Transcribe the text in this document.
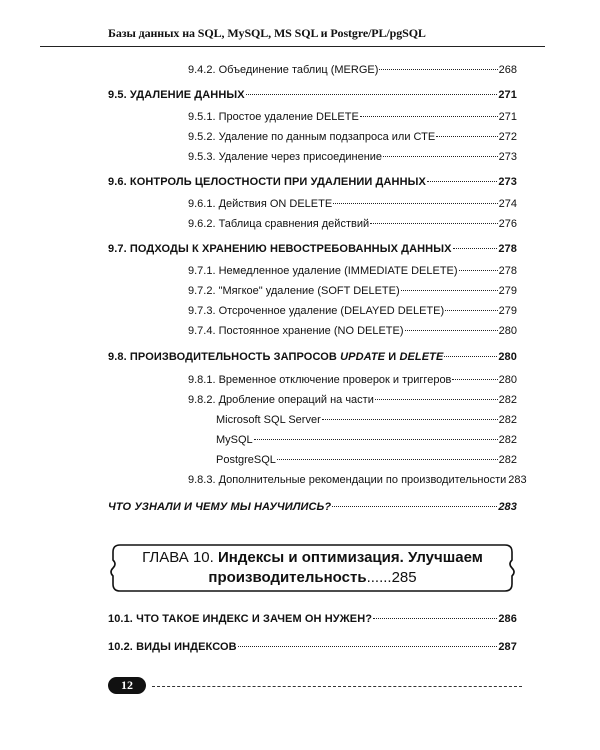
Базы данных на SQL, MySQL, MS SQL и Postgre/PL/pgSQL
9.4.2. Объединение таблиц (MERGE)	268
9.5. УДАЛЕНИЕ ДАННЫХ	271
9.5.1. Простое удаление DELETE	271
9.5.2. Удаление по данным подзапроса или СТЕ	272
9.5.3. Удаление через присоединение	273
9.6. КОНТРОЛЬ ЦЕЛОСТНОСТИ ПРИ УДАЛЕНИИ ДАННЫХ	273
9.6.1. Действия ON DELETE	274
9.6.2. Таблица сравнения действий	276
9.7. ПОДХОДЫ К ХРАНЕНИЮ НЕВОСТРЕБОВАННЫХ ДАННЫХ	278
9.7.1. Немедленное удаление (IMMEDIATE DELETE)	278
9.7.2. "Мягкое" удаление (SOFT DELETE)	279
9.7.3. Отсроченное удаление (DELAYED DELETE)	279
9.7.4. Постоянное хранение (NO DELETE)	280
9.8. ПРОИЗВОДИТЕЛЬНОСТЬ ЗАПРОСОВ UPDATE И DELETE	280
9.8.1. Временное отключение проверок и триггеров	280
9.8.2. Дробление операций на части	282
Microsoft SQL Server	282
MySQL	282
PostgreSQL	282
9.8.3. Дополнительные рекомендации по производительности 283
ЧТО УЗНАЛИ И ЧЕМУ МЫ НАУЧИЛИСЬ?	283
ГЛАВА 10. Индексы и оптимизация. Улучшаем
производительность......285
10.1. ЧТО ТАКОЕ ИНДЕКС И ЗАЧЕМ ОН НУЖЕН?	286
10.2. ВИДЫ ИНДЕКСОВ	287
12
